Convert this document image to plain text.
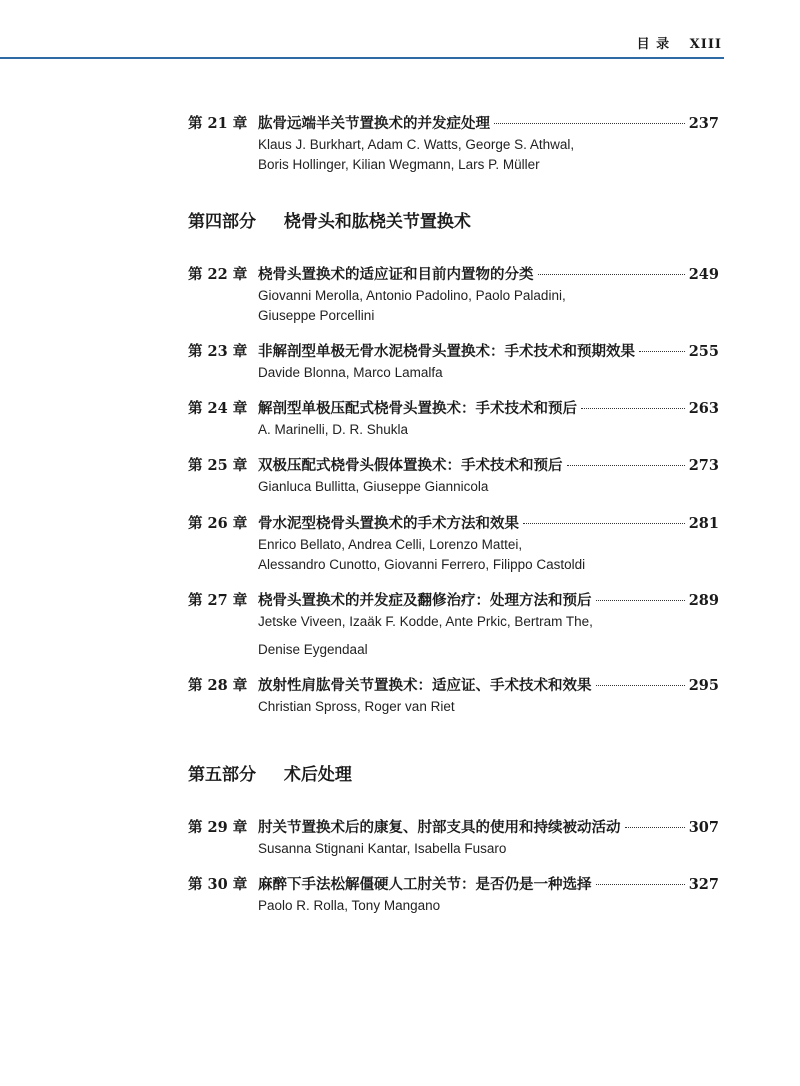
目 录 XIII
第 21 章 肱骨远端半关节置换术的并发症处理	237
Klaus J. Burkhart, Adam C. Watts, George S. Athwal,
Boris Hollinger, Kilian Wegmann, Lars P. Müller
第四部分 桡骨头和肱桡关节置换术
第 22 章 桡骨头置换术的适应证和目前内置物的分类	249
Giovanni Merolla, Antonio Padolino, Paolo Paladini,
Giuseppe Porcellini
第 23 章 非解剖型单极无骨水泥桡骨头置换术：手术技术和预期效果	255
Davide Blonna, Marco Lamalfa
第 24 章 解剖型单极压配式桡骨头置换术：手术技术和预后	263
A. Marinelli, D. R. Shukla
第 25 章 双极压配式桡骨头假体置换术：手术技术和预后	273
Gianluca Bullitta, Giuseppe Giannicola
第 26 章 骨水泥型桡骨头置换术的手术方法和效果	281
Enrico Bellato, Andrea Celli, Lorenzo Mattei,
Alessandro Cunotto, Giovanni Ferrero, Filippo Castoldi
第 27 章 桡骨头置换术的并发症及翻修治疗：处理方法和预后	289
Jetske Viveen, Izaäk F. Kodde, Ante Prkic, Bertram The,
Denise Eygendaal
第 28 章 放射性肩肱骨关节置换术：适应证、手术技术和效果	295
Christian Spross, Roger van Riet
第五部分 术后处理
第 29 章 肘关节置换术后的康复、肘部支具的使用和持续被动活动	307
Susanna Stignani Kantar, Isabella Fusaro
第 30 章 麻醉下手法松解僵硬人工肘关节：是否仍是一种选择	327
Paolo R. Rolla, Tony Mangano
